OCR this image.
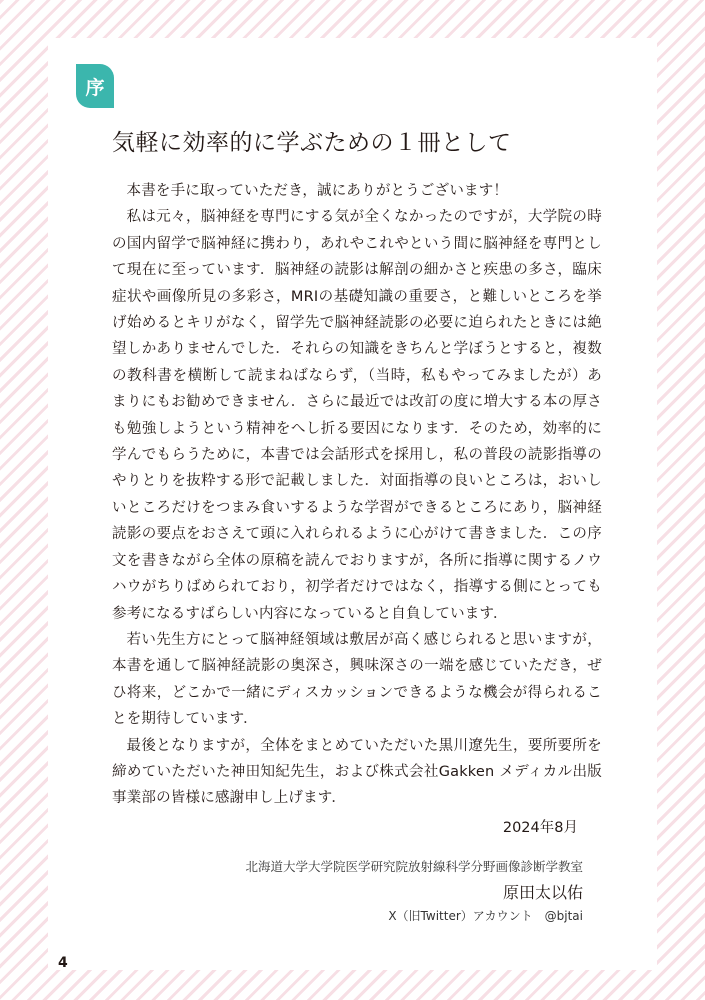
序
気軽に効率的に学ぶための１冊として

本書を手に取っていただき，誠にありがとうございます！

私は元々，脳神経を専門にする気が全くなかったのですが，大学院の時の国内留学で脳神経に携わり，あれやこれやという間に脳神経を専門として現在に至っています．脳神経の読影は解剖の細かさと疾患の多さ，臨床症状や画像所見の多彩さ，MRIの基礎知識の重要さ，と難しいところを挙げ始めるとキリがなく，留学先で脳神経読影の必要に迫られたときには絶望しかありませんでした．それらの知識をきちんと学ぼうとすると，複数の教科書を横断して読まねばならず，（当時，私もやってみましたが）あまりにもお勧めできません．さらに最近では改訂の度に増大する本の厚さも勉強しようという精神をへし折る要因になります．そのため，効率的に学んでもらうために，本書では会話形式を採用し，私の普段の読影指導のやりとりを抜粋する形で記載しました．対面指導の良いところは，おいしいところだけをつまみ食いするような学習ができるところにあり，脳神経読影の要点をおさえて頭に入れられるように心がけて書きました．この序文を書きながら全体の原稿を読んでおりますが，各所に指導に関するノウハウがちりばめられており，初学者だけではなく，指導する側にとっても参考になるすばらしい内容になっていると自負しています．

若い先生方にとって脳神経領域は敷居が高く感じられると思いますが，本書を通して脳神経読影の奥深さ，興味深さの一端を感じていただき，ぜひ将来，どこかで一緒にディスカッションできるような機会が得られることを期待しています．

最後となりますが，全体をまとめていただいた黒川遼先生，要所要所を締めていただいた神田知紀先生，および株式会社Gakken メディカル出版事業部の皆様に感謝申し上げます．

2024年8月
北海道大学大学院医学研究院放射線科学分野画像診断学教室
原田太以佑
X（旧Twitter）アカウント　@bjtai
4
